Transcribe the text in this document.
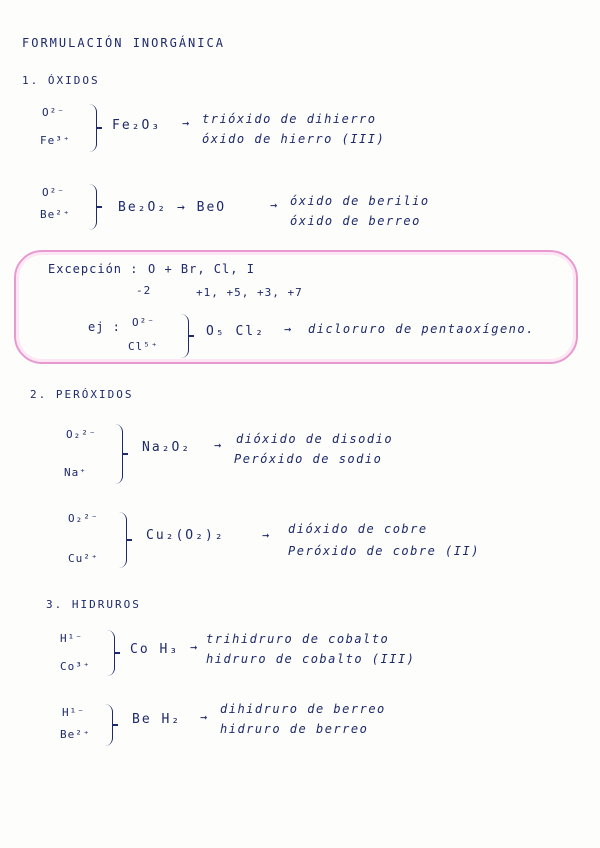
FORMULACIÓN INORGÁNICA
1. ÓXIDOS
O²⁻
Fe³⁺
Fe₂O₃ → trióxido de dihierro
óxido de hierro (III)
O²⁻
Be²⁺	Be₂O₂ → BeO	→ óxido de berilio
óxido de berreo
Excepción : O + Br, Cl, I
-2	+1, +5, +3, +7
ej : O²⁻
Cl⁵⁺
O₅ Cl₂ → dicloruro de pentaoxígeno.
2. PERÓXIDOS
O₂²⁻
Na⁺
Na₂O₂ → dióxido de disodio
Peróxido de sodio
O₂²⁻
Cu²⁺
Cu₂(O₂)₂	→ dióxido de cobre
Peróxido de cobre (II)
3. HIDRUROS
H¹⁻
Co³⁺
Co H₃ →
trihidruro de cobalto
hidruro de cobalto (III)
H¹⁻
Be²⁺
Be H₂ →
dihidruro de berreo
hidruro de berreo
